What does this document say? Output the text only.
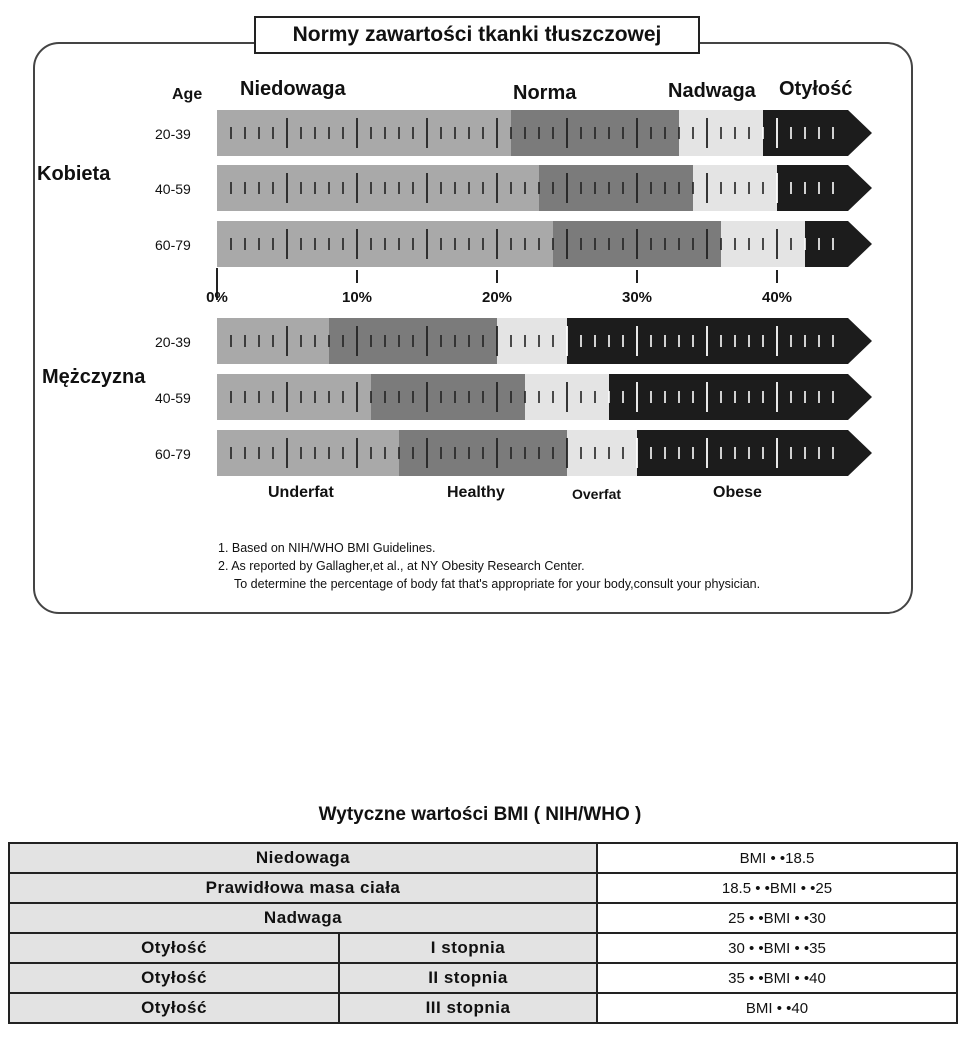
20-39
40-59
60-79
20-39
40-59
60-79
0%	10%	20%	30%	40%
Normy zawartości tkanki tłuszczowej
Age Niedowaga	Norma	Nadwaga Otyłość
Kobieta
Mężczyzna
Underfat	Healthy	Overfat	Obese
1. Based on NIH/WHO BMI Guidelines.
2. As reported by Gallagher,et al., at NY Obesity Research Center.
To determine the percentage of body fat that's appropriate for your body,consult your physician.
Wytyczne wartości BMI ( NIH/WHO )
Niedowaga		BMI • •18.5
Prawidłowa masa ciała		18.5 • •BMI • •25
Nadwaga		25 • •BMI • •30
Otyłość	I stopnia	30 • •BMI • •35
Otyłość	II stopnia	35 • •BMI • •40
Otyłość	III stopnia	BMI • •40
